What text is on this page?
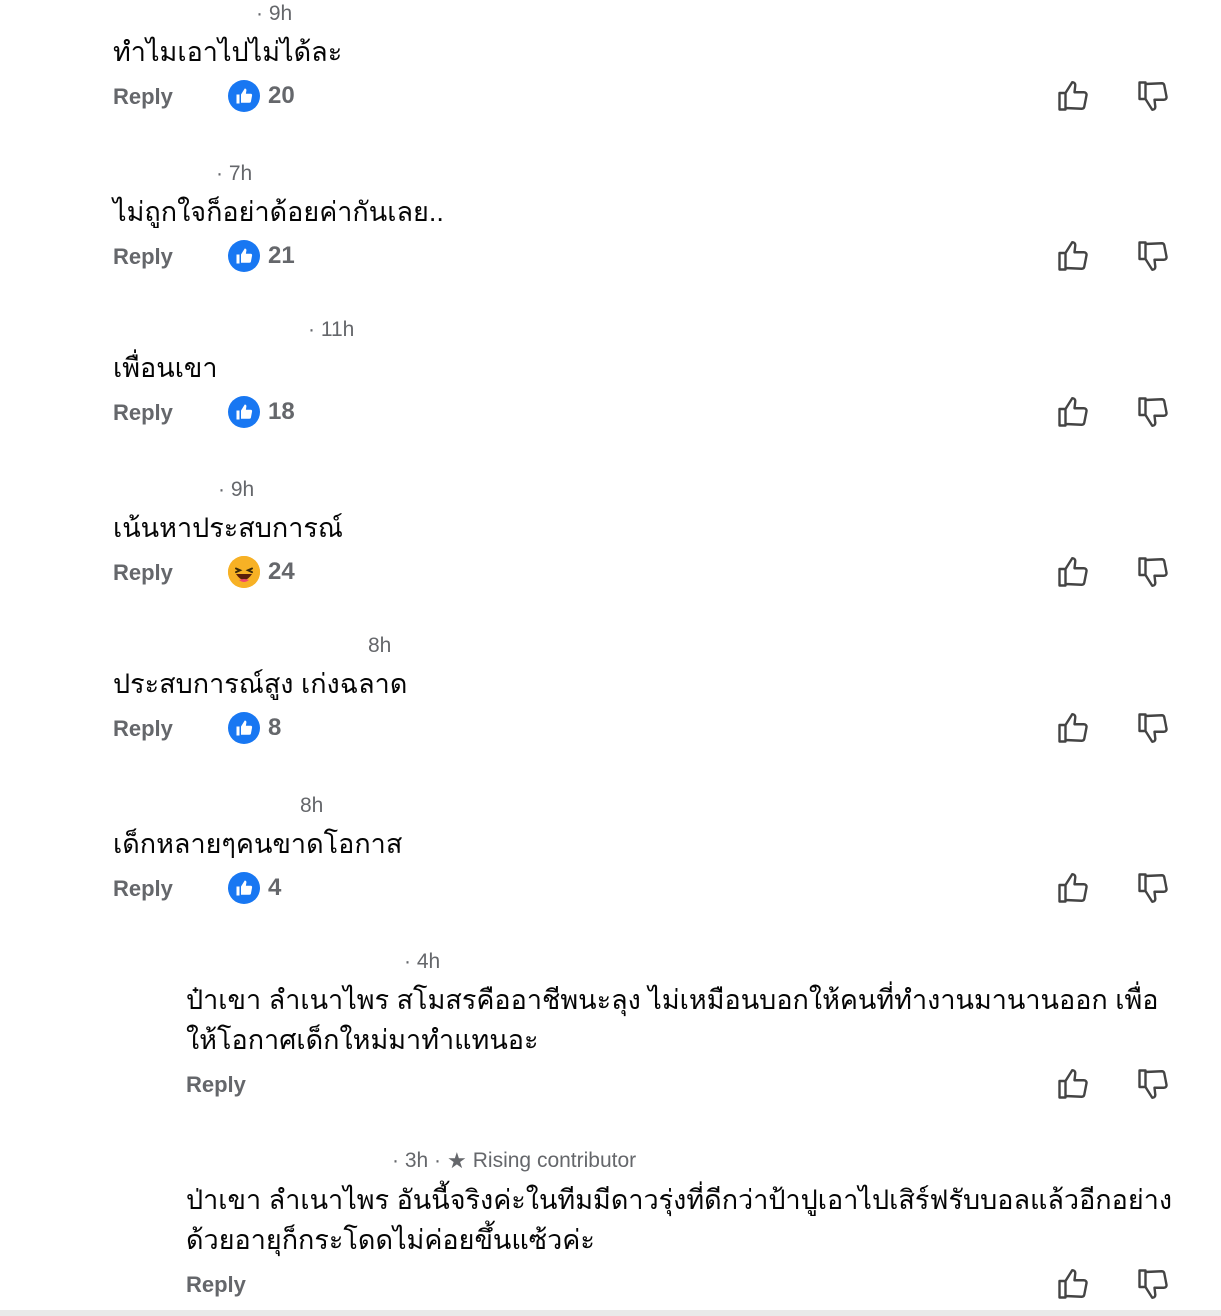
· 9h
ทำไมเอาไปไม่ได้ละ
Reply	20
· 7h
ไม่ถูกใจก็อย่าด้อยค่ากันเลย..
Reply	21
· 11h
เพื่อนเขา
Reply	18
· 9h
เน้นหาประสบการณ์
Reply	24
8h
ประสบการณ์สูง เก่งฉลาด
Reply	8
8h
เด็กหลายๆคนขาดโอกาส
Reply	4
· 4h
ป๋าเขา ลำเนาไพร สโมสรคืออาชีพนะลุง ไม่เหมือนบอกให้คนที่ทำงานมานานออก เพื่อให้โอกาศเด็กใหม่มาทำแทนอะ
Reply
· 3h · ★ Rising contributor
ป่าเขา ลำเนาไพร อันนี้จริงค่ะในทีมมีดาวรุ่งที่ดีกว่าป้าปูเอาไปเสิร์ฟรับบอลแล้วอีกอย่างด้วยอายุก็กระโดดไม่ค่อยขึ้นแซ้วค่ะ
Reply
